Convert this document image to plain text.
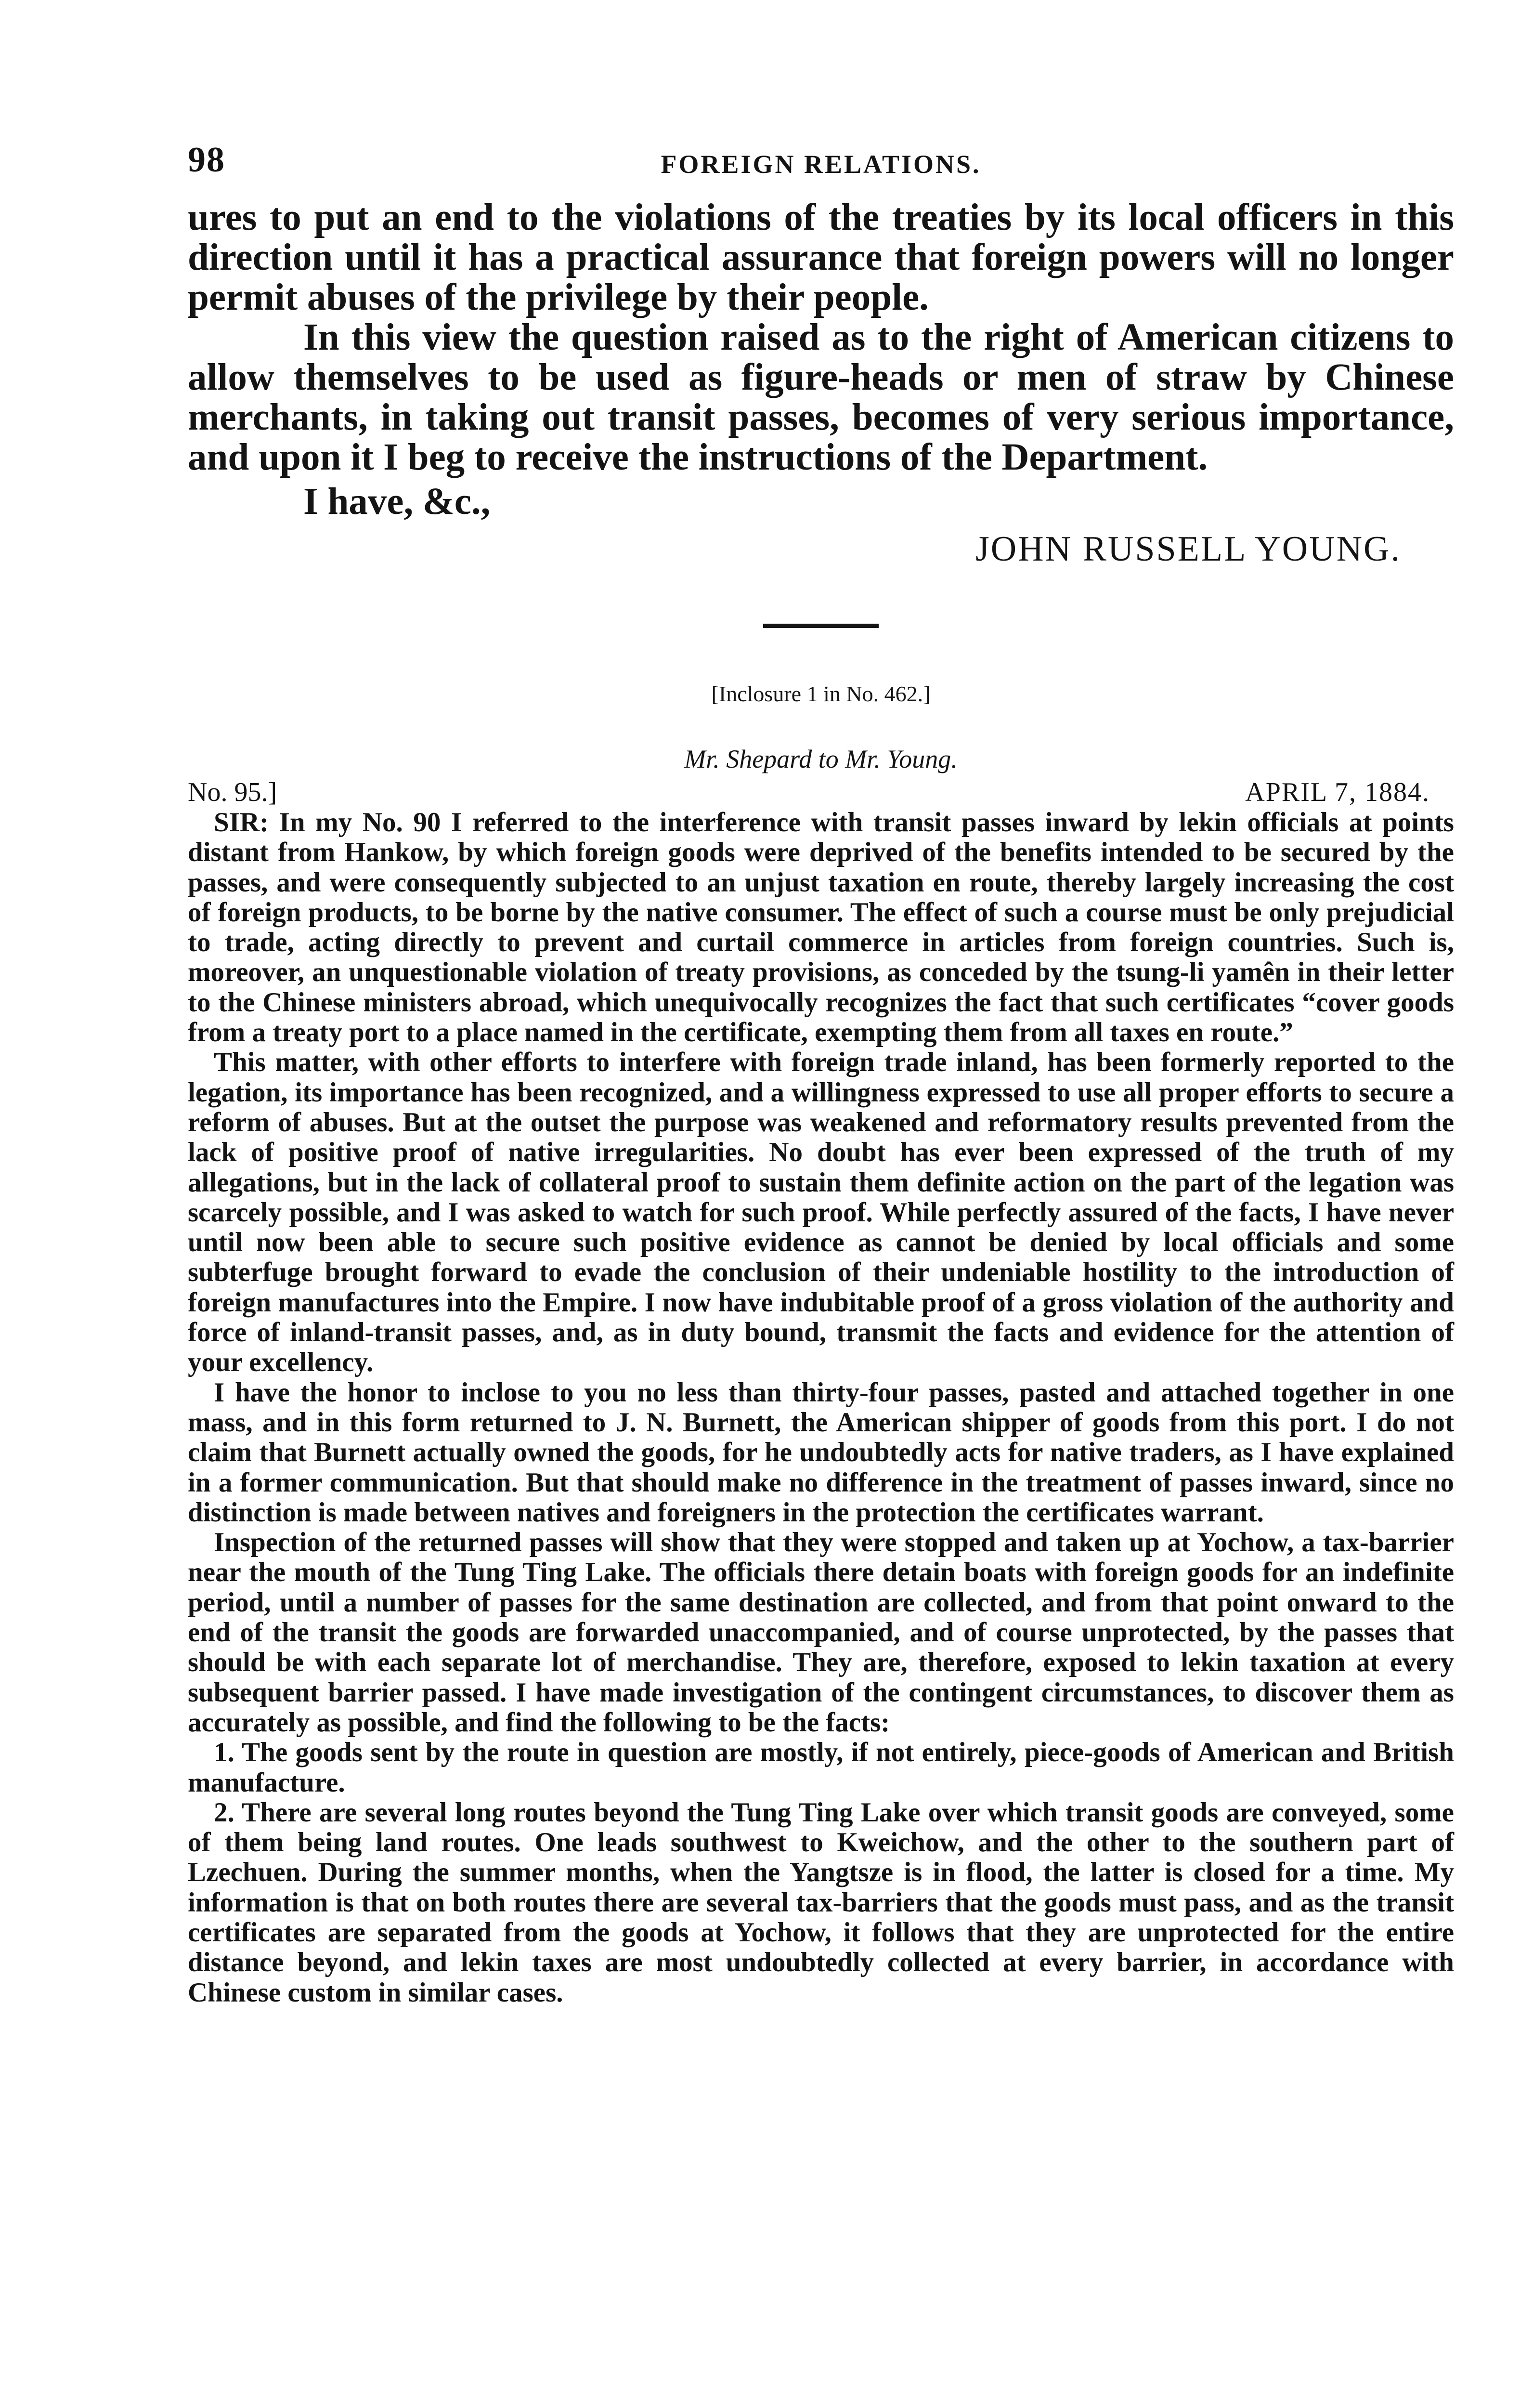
98	FOREIGN RELATIONS.

ures to put an end to the violations of the treaties by its local officers in this direction until it has a practical assurance that foreign powers will no longer permit abuses of the privilege by their people.

In this view the question raised as to the right of American citizens to allow themselves to be used as figure-heads or men of straw by Chinese merchants, in taking out transit passes, becomes of very serious importance, and upon it I beg to receive the instructions of the Department.

I have, &c.,
JOHN RUSSELL YOUNG.
[Inclosure 1 in No. 462.]
Mr. Shepard to Mr. Young.
No. 95.]	APRIL 7, 1884.

SIR: In my No. 90 I referred to the interference with transit passes inward by lekin officials at points distant from Hankow, by which foreign goods were deprived of the benefits intended to be secured by the passes, and were consequently subjected to an unjust taxation en route, thereby largely increasing the cost of foreign products, to be borne by the native consumer. The effect of such a course must be only prejudicial to trade, acting directly to prevent and curtail commerce in articles from foreign countries. Such is, moreover, an unquestionable violation of treaty provisions, as conceded by the tsung-li yamên in their letter to the Chinese ministers abroad, which unequivocally recognizes the fact that such certificates “cover goods from a treaty port to a place named in the certificate, exempting them from all taxes en route.”

This matter, with other efforts to interfere with foreign trade inland, has been formerly reported to the legation, its importance has been recognized, and a willingness expressed to use all proper efforts to secure a reform of abuses. But at the outset the purpose was weakened and reformatory results prevented from the lack of positive proof of native irregularities. No doubt has ever been expressed of the truth of my allegations, but in the lack of collateral proof to sustain them definite action on the part of the legation was scarcely possible, and I was asked to watch for such proof. While perfectly assured of the facts, I have never until now been able to secure such positive evidence as cannot be denied by local officials and some subterfuge brought forward to evade the conclusion of their undeniable hostility to the introduction of foreign manufactures into the Empire. I now have indubitable proof of a gross violation of the authority and force of inland-transit passes, and, as in duty bound, transmit the facts and evidence for the attention of your excellency.

I have the honor to inclose to you no less than thirty-four passes, pasted and attached together in one mass, and in this form returned to J. N. Burnett, the American shipper of goods from this port. I do not claim that Burnett actually owned the goods, for he undoubtedly acts for native traders, as I have explained in a former communication. But that should make no difference in the treatment of passes inward, since no distinction is made between natives and foreigners in the protection the certificates warrant.

Inspection of the returned passes will show that they were stopped and taken up at Yochow, a tax-barrier near the mouth of the Tung Ting Lake. The officials there detain boats with foreign goods for an indefinite period, until a number of passes for the same destination are collected, and from that point onward to the end of the transit the goods are forwarded unaccompanied, and of course unprotected, by the passes that should be with each separate lot of merchandise. They are, therefore, exposed to lekin taxation at every subsequent barrier passed. I have made investigation of the contingent circumstances, to discover them as accurately as possible, and find the following to be the facts:

1. The goods sent by the route in question are mostly, if not entirely, piece-goods of American and British manufacture.

2. There are several long routes beyond the Tung Ting Lake over which transit goods are conveyed, some of them being land routes. One leads southwest to Kweichow, and the other to the southern part of Lzechuen. During the summer months, when the Yangtsze is in flood, the latter is closed for a time. My information is that on both routes there are several tax-barriers that the goods must pass, and as the transit certificates are separated from the goods at Yochow, it follows that they are unprotected for the entire distance beyond, and lekin taxes are most undoubtedly collected at every barrier, in accordance with Chinese custom in similar cases.
